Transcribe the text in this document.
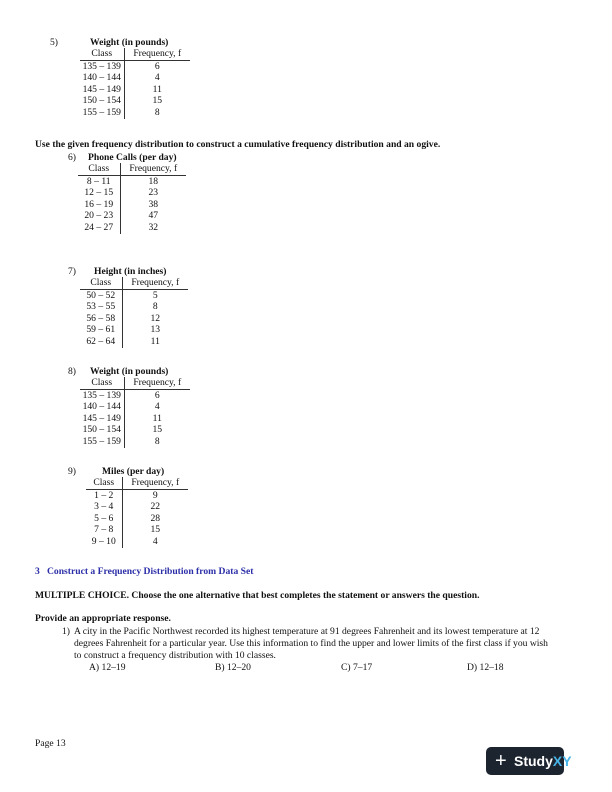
5)	Weight (in pounds)
Class	Frequency, f
135 – 139	6
140 – 144	4
145 – 149	11
150 – 154	15
155 – 159	8
Use the given frequency distribution to construct a cumulative frequency distribution and an ogive.
6) Phone Calls (per day)
Class	Frequency, f
8 – 11	18
12 – 15	23
16 – 19	38
20 – 23	47
24 – 27	32
7) Height (in inches)
Class	Frequency, f
50 – 52	5
53 – 55	8
56 – 58	12
59 – 61	13
62 – 64	11
8) Weight (in pounds)
Class	Frequency, f
135 – 139	6
140 – 144	4
145 – 149	11
150 – 154	15
155 – 159	8
9)	Miles (per day)
Class	Frequency, f
1 – 2	9
3 – 4	22
5 – 6	28
7 – 8	15
9 – 10	4
3   Construct a Frequency Distribution from Data Set
MULTIPLE CHOICE. Choose the one alternative that best completes the statement or answers the question.
Provide an appropriate response.
1) A city in the Pacific Northwest recorded its highest temperature at 91 degrees Fahrenheit and its lowest temperature at 12 degrees Fahrenheit for a particular year. Use this information to find the upper and lower limits of the first class if you wish to construct a frequency distribution with 10 classes.
A) 12–19	B) 12–20	C) 7–17	D) 12–18
Page 13
+ StudyXY
